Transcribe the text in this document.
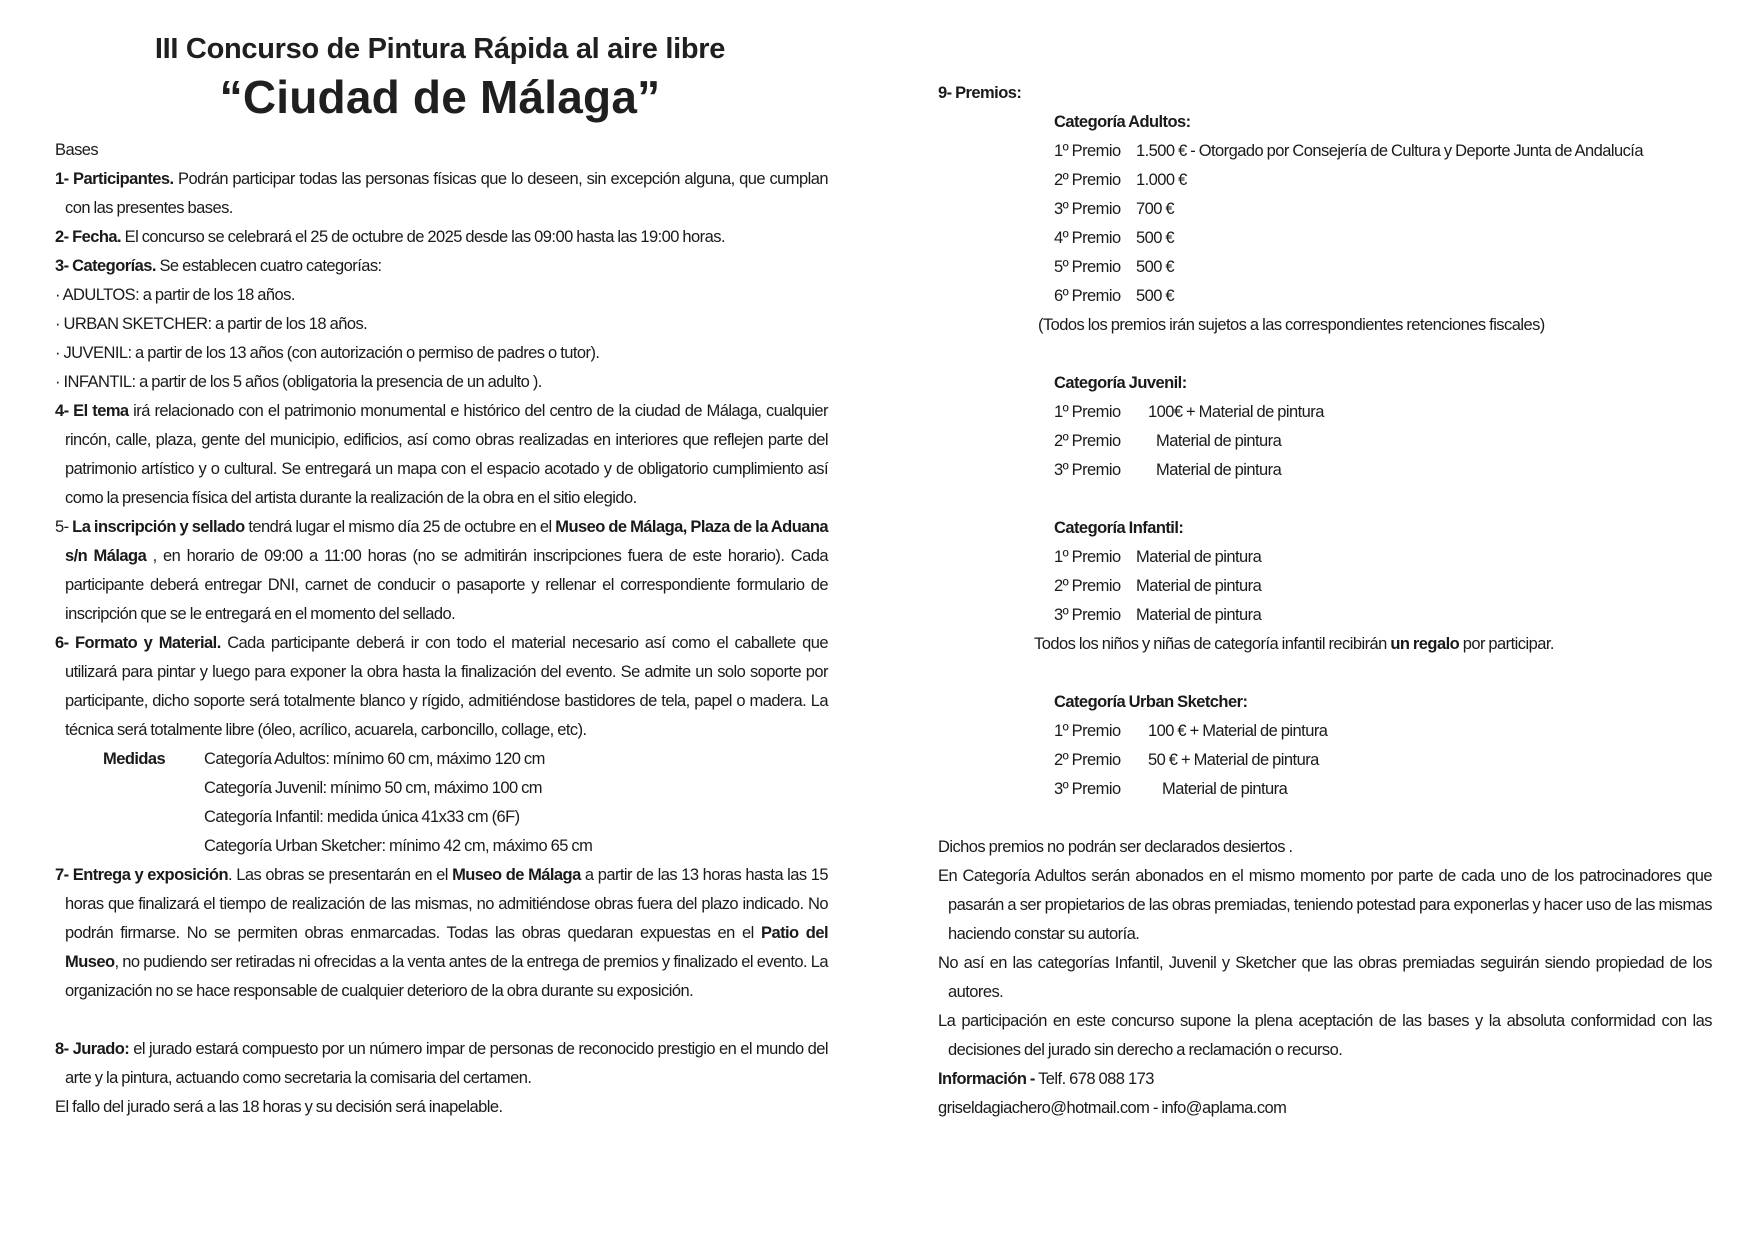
III Concurso de Pintura Rápida al aire libre
“Ciudad de Málaga”

Bases

1- Participantes. Podrán participar todas las personas físicas que lo deseen, sin excepción alguna, que cumplan con las presentes bases.

2- Fecha. El concurso se celebrará el 25 de octubre de 2025 desde las 09:00 hasta las 19:00 horas.

3- Categorías. Se establecen cuatro categorías:

· ADULTOS: a partir de los 18 años.

· URBAN SKETCHER: a partir de los 18 años.

· JUVENIL: a partir de los 13 años (con autorización o permiso de padres o tutor).

· INFANTIL: a partir de los 5 años (obligatoria la presencia de un adulto ).

4- El tema irá relacionado con el patrimonio monumental e histórico del centro de la ciudad de Málaga, cualquier rincón, calle, plaza, gente del municipio, edificios, así como obras realizadas en interiores que reflejen parte del patrimonio artístico y o cultural. Se entregará un mapa con el espacio acotado y de obligatorio cumplimiento así como la presencia física del artista durante la realización de la obra en el sitio elegido.

5- La inscripción y sellado tendrá lugar el mismo día 25 de octubre en el Museo de Málaga, Plaza de la Aduana s/n Málaga , en horario de 09:00 a 11:00 horas (no se admitirán inscripciones fuera de este horario). Cada participante deberá entregar DNI, carnet de conducir o pasaporte y rellenar el correspondiente formulario de inscripción que se le entregará en el momento del sellado.

6- Formato y Material. Cada participante deberá ir con todo el material necesario así como el caballete que utilizará para pintar y luego para exponer la obra hasta la finalización del evento. Se admite un solo soporte por participante, dicho soporte será totalmente blanco y rígido, admitiéndose bastidores de tela, papel o madera. La técnica será totalmente libre (óleo, acrílico, acuarela, carboncillo, collage, etc).

Medidas	Categoría Adultos: mínimo 60 cm, máximo 120 cm
Categoría Juvenil: mínimo 50 cm, máximo 100 cm
Categoría Infantil: medida única 41x33 cm (6F)
Categoría Urban Sketcher: mínimo 42 cm, máximo 65 cm

7- Entrega y exposición. Las obras se presentarán en el Museo de Málaga a partir de las 13 horas hasta las 15 horas que finalizará el tiempo de realización de las mismas, no admitiéndose obras fuera del plazo indicado. No podrán firmarse. No se permiten obras enmarcadas. Todas las obras quedaran expuestas en el Patio del Museo, no pudiendo ser retiradas ni ofrecidas a la venta antes de la entrega de premios y finalizado el evento. La organización no se hace responsable de cualquier deterioro de la obra durante su exposición.

8- Jurado: el jurado estará compuesto por un número impar de personas de reconocido prestigio en el mundo del arte y la pintura, actuando como secretaria la comisaria del certamen.

El fallo del jurado será a las 18 horas y su decisión será inapelable.

9- Premios:

Categoría Adultos:
1º Premio 1.500 € - Otorgado por Consejería de Cultura y Deporte Junta de Andalucía
2º Premio 1.000 €
3º Premio 700 €
4º Premio 500 €
5º Premio 500 €
6º Premio 500 €
(Todos los premios irán sujetos a las correspondientes retenciones fiscales)
Categoría Juvenil:
1º Premio	100€ + Material de pintura
2º Premio	Material de pintura
3º Premio	Material de pintura
Categoría Infantil:
1º Premio Material de pintura
2º Premio Material de pintura
3º Premio Material de pintura
Todos los niños y niñas de categoría infantil recibirán un regalo por participar.
Categoría Urban Sketcher:
1º Premio	100 € + Material de pintura
2º Premio	50 € + Material de pintura
3º Premio	Material de pintura

Dichos premios no podrán ser declarados desiertos .

En Categoría Adultos serán abonados en el mismo momento por parte de cada uno de los patrocinadores que pasarán a ser propietarios de las obras premiadas, teniendo potestad para exponerlas y hacer uso de las mismas haciendo constar su autoría.

No así en las categorías Infantil, Juvenil y Sketcher que las obras premiadas seguirán siendo propiedad de los autores.

La participación en este concurso supone la plena aceptación de las bases y la absoluta conformidad con las decisiones del jurado sin derecho a reclamación o recurso.

Información - Telf. 678 088 173

griseldagiachero@hotmail.com - info@aplama.com
